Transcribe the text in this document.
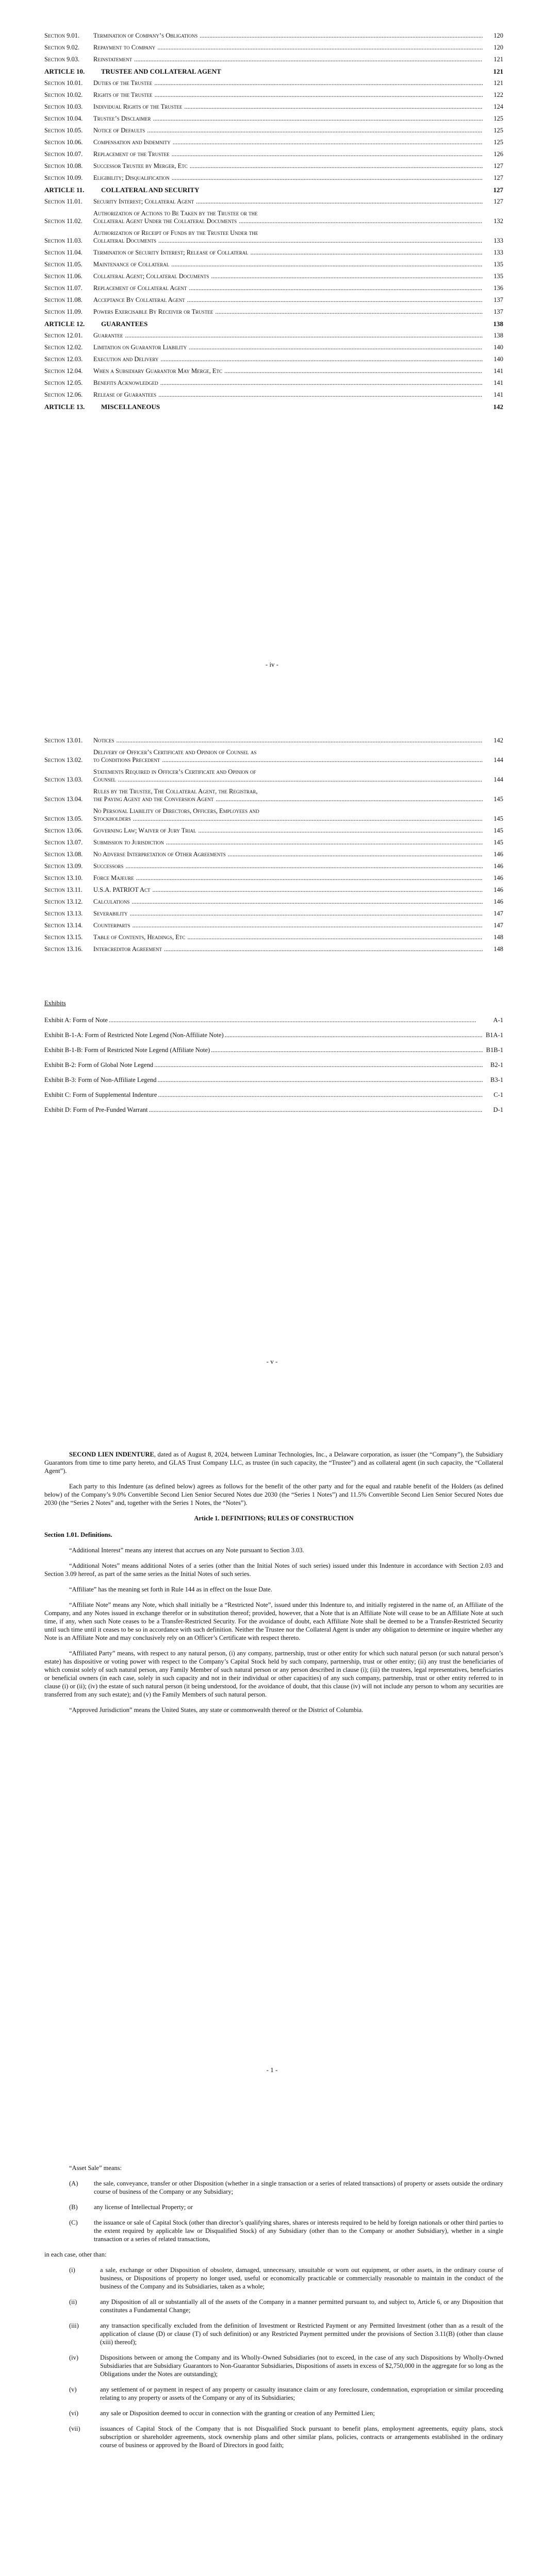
Section 9.01.	Termination of Company’s Obligations .....	120
Section 9.02.	Repayment to Company .....	120
Section 9.03.	Reinstatement .....	121
ARTICLE 10.	TRUSTEE AND COLLATERAL AGENT	121
Section 10.01.	Duties of the Trustee .....	121
Section 10.02.	Rights of the Trustee .....	122
Section 10.03.	Individual Rights of the Trustee .....	124
Section 10.04.	Trustee’s Disclaimer .....	125
Section 10.05.	Notice of Defaults .....	125
Section 10.06.	Compensation and Indemnity .....	125
Section 10.07.	Replacement of the Trustee .....	126
Section 10.08.	Successor Trustee by Merger, Etc .....	127
Section 10.09.	Eligibility; Disqualification .....	127
ARTICLE 11.	COLLATERAL AND SECURITY	127
Section 11.01.	Security Interest; Collateral Agent .....	127
Section 11.02.
Authorization of Actions to Be Taken by the Trustee or the
Collateral Agent Under the Collateral Documents .....	132
Section 11.03.
Authorization of Receipt of Funds by the Trustee Under the
Collateral Documents .....	133
Section 11.04.	Termination of Security Interest; Release of Collateral .....	133
Section 11.05.	Maintenance of Collateral .....	135
Section 11.06.	Collateral Agent; Collateral Documents .....	135
Section 11.07.	Replacement of Collateral Agent .....	136
Section 11.08.	Acceptance By Collateral Agent .....	137
Section 11.09.	Powers Exercisable By Receiver or Trustee .....	137
ARTICLE 12.	GUARANTEES	138
Section 12.01.	Guarantee .....	138
Section 12.02.	Limitation on Guarantor Liability .....	140
Section 12.03.	Execution and Delivery .....	140
Section 12.04.	When a Subsidiary Guarantor May Merge, Etc .....	141
Section 12.05.	Benefits Acknowledged .....	141
Section 12.06.	Release of Guarantees .....	141
ARTICLE 13.	MISCELLANEOUS	142
- iv -
Section 13.01.	Notices .....	142
Section 13.02.
Delivery of Officer’s Certificate and Opinion of Counsel as
to Conditions Precedent .....	144
Section 13.03.
Statements Required in Officer’s Certificate and Opinion of
Counsel .....	144
Section 13.04.
Rules by the Trustee, The Collateral Agent, the Registrar,
the Paying Agent and the Conversion Agent .....	145
Section 13.05.
No Personal Liability of Directors, Officers, Employees and
Stockholders .....	145
Section 13.06.	Governing Law; Waiver of Jury Trial .....	145
Section 13.07.	Submission to Jurisdiction .....	145
Section 13.08.	No Adverse Interpretation of Other Agreements .....	146
Section 13.09.	Successors .....	146
Section 13.10.	Force Majeure .....	146
Section 13.11.	U.S.A. PATRIOT Act .....	146
Section 13.12.	Calculations .....	146
Section 13.13.	Severability .....	147
Section 13.14.	Counterparts .....	147
Section 13.15.	Table of Contents, Headings, Etc .....	148
Section 13.16.	Intercreditor Agreement .....	148
Exhibits
Exhibit A: Form of Note .....	A-1
Exhibit B-1-A: Form of Restricted Note Legend (Non-Affiliate Note) .....	B1A-1
Exhibit B-1-B: Form of Restricted Note Legend (Affiliate Note) .....	B1B-1
Exhibit B-2: Form of Global Note Legend .....	B2-1
Exhibit B-3: Form of Non-Affiliate Legend .....	B3-1
Exhibit C: Form of Supplemental Indenture .....	C-1
Exhibit D: Form of Pre-Funded Warrant .....	D-1
- v -

SECOND LIEN INDENTURE, dated as of August 8, 2024, between Luminar Technologies, Inc., a Delaware corporation, as issuer (the “Company”), the Subsidiary Guarantors from time to time party hereto, and GLAS Trust Company LLC, as trustee (in such capacity, the “Trustee”) and as collateral agent (in such capacity, the “Collateral Agent”).

Each party to this Indenture (as defined below) agrees as follows for the benefit of the other party and for the equal and ratable benefit of the Holders (as defined below) of the Company’s 9.0% Convertible Second Lien Senior Secured Notes due 2030 (the “Series 1 Notes”) and 11.5% Convertible Second Lien Senior Secured Notes due 2030 (the “Series 2 Notes” and, together with the Series 1 Notes, the “Notes”).

Article 1. DEFINITIONS; RULES OF CONSTRUCTION

Section 1.01. Definitions.

“Additional Interest” means any interest that accrues on any Note pursuant to Section 3.03.

“Additional Notes” means additional Notes of a series (other than the Initial Notes of such series) issued under this Indenture in accordance with Section 2.03 and Section 3.09 hereof, as part of the same series as the Initial Notes of such series.

“Affiliate” has the meaning set forth in Rule 144 as in effect on the Issue Date.

“Affiliate Note” means any Note, which shall initially be a “Restricted Note”, issued under this Indenture to, and initially registered in the name of, an Affiliate of the Company, and any Notes issued in exchange therefor or in substitution thereof; provided, however, that a Note that is an Affiliate Note will cease to be an Affiliate Note at such time, if any, when such Note ceases to be a Transfer-Restricted Security. For the avoidance of doubt, each Affiliate Note shall be deemed to be a Transfer-Restricted Security until such time until it ceases to be so in accordance with such definition. Neither the Trustee nor the Collateral Agent is under any obligation to determine or inquire whether any Note is an Affiliate Note and may conclusively rely on an Officer’s Certificate with respect thereto.

“Affiliated Party” means, with respect to any natural person, (i) any company, partnership, trust or other entity for which such natural person (or such natural person’s estate) has dispositive or voting power with respect to the Company’s Capital Stock held by such company, partnership, trust or other entity; (ii) any trust the beneficiaries of which consist solely of such natural person, any Family Member of such natural person or any person described in clause (i); (iii) the trustees, legal representatives, beneficiaries or beneficial owners (in each case, solely in such capacity and not in their individual or other capacities) of any such company, partnership, trust or other entity referred to in clause (i) or (ii); (iv) the estate of such natural person (it being understood, for the avoidance of doubt, that this clause (iv) will not include any person to whom any securities are transferred from any such estate); and (v) the Family Members of such natural person.

“Approved Jurisdiction” means the United States, any state or commonwealth thereof or the District of Columbia.

- 1 -

“Asset Sale” means:

(A)	the sale, conveyance, transfer or other Disposition (whether in a single transaction or a series of related transactions) of property or assets outside the ordinary course of business of the Company or any Subsidiary;
(B)	any license of Intellectual Property; or
(C)	the issuance or sale of Capital Stock (other than director’s qualifying shares, shares or interests required to be held by foreign nationals or other third parties to the extent required by applicable law or Disqualified Stock) of any Subsidiary (other than to the Company or another Subsidiary), whether in a single transaction or a series of related transactions,

in each case, other than:

(i)	a sale, exchange or other Disposition of obsolete, damaged, unnecessary, unsuitable or worn out equipment, or other assets, in the ordinary course of business, or Dispositions of property no longer used, useful or economically practicable or commercially reasonable to maintain in the conduct of the business of the Company and its Subsidiaries, taken as a whole;
(ii)	any Disposition of all or substantially all of the assets of the Company in a manner permitted pursuant to, and subject to, Article 6, or any Disposition that constitutes a Fundamental Change;
(iii)	any transaction specifically excluded from the definition of Investment or Restricted Payment or any Permitted Investment (other than as a result of the application of clause (D) or clause (T) of such definition) or any Restricted Payment permitted under the provisions of Section 3.11(B) (other than clause (xiii) thereof);
(iv)	Dispositions between or among the Company and its Wholly-Owned Subsidiaries (not to exceed, in the case of any such Dispositions by Wholly-Owned Subsidiaries that are Subsidiary Guarantors to Non-Guarantor Subsidiaries, Dispositions of assets in excess of $2,750,000 in the aggregate for so long as the Obligations under the Notes are outstanding);
(v)	any settlement of or payment in respect of any property or casualty insurance claim or any foreclosure, condemnation, expropriation or similar proceeding relating to any property or assets of the Company or any of its Subsidiaries;
(vi)	any sale or Disposition deemed to occur in connection with the granting or creation of any Permitted Lien;
(vii)	issuances of Capital Stock of the Company that is not Disqualified Stock pursuant to benefit plans, employment agreements, equity plans, stock subscription or shareholder agreements, stock ownership plans and other similar plans, policies, contracts or arrangements established in the ordinary course of business or approved by the Board of Directors in good faith;
